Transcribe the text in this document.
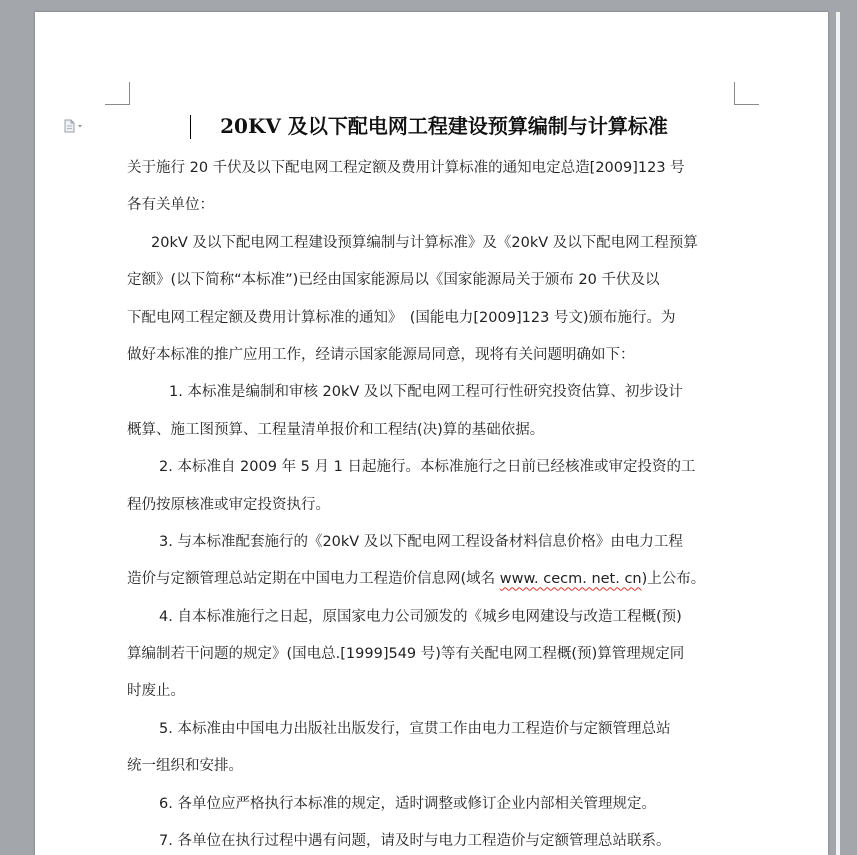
20KV 及以下配电网工程建设预算编制与计算标准
关于施行 20 千伏及以下配电网工程定额及费用计算标准的通知电定总造[2009]123 号
各有关单位：
20kV 及以下配电网工程建设预算编制与计算标准》及《20kV 及以下配电网工程预算
定额》(以下简称“本标准”)已经由国家能源局以《国家能源局关于颁布 20 千伏及以
下配电网工程定额及费用计算标准的通知》　(国能电力[2009]123 号文)颁布施行。为
做好本标准的推广应用工作，经请示国家能源局同意，现将有关问题明确如下：
1. 本标准是编制和审核 20kV 及以下配电网工程可行性研究投资估算、初步设计
概算、施工图预算、工程量清单报价和工程结(决)算的基础依据。
2. 本标准自 2009 年 5 月 1 日起施行。本标准施行之日前已经核准或审定投资的工
程仍按原核准或审定投资执行。
3. 与本标准配套施行的《20kV 及以下配电网工程设备材料信息价格》由电力工程
造价与定额管理总站定期在中国电力工程造价信息网(域名 www. cecm. net. cn)上公布。
4. 自本标准施行之日起，原国家电力公司颁发的《城乡电网建设与改造工程概(预)
算编制若干问题的规定》(国电总.[1999]549 号)等有关配电网工程概(预)算管理规定同
时废止。
5. 本标准由中国电力出版社出版发行，宣贯工作由电力工程造价与定额管理总站
统一组织和安排。
6. 各单位应严格执行本标准的规定，适时调整或修订企业内部相关管理规定。
7. 各单位在执行过程中遇有问题，请及时与电力工程造价与定额管理总站联系。
